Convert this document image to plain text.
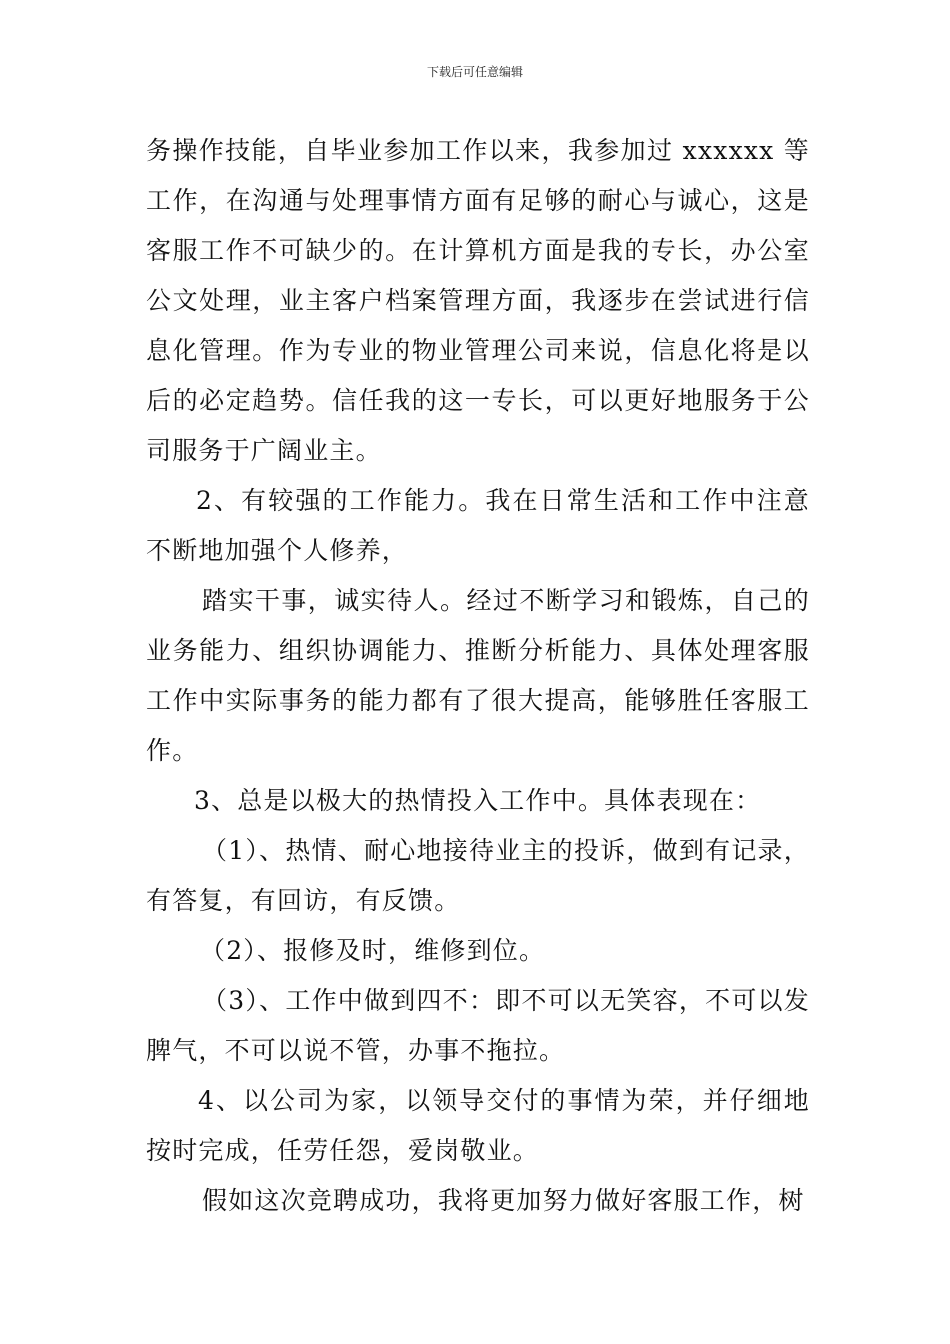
下载后可任意编辑

务操作技能，自毕业参加工作以来，我参加过 xxxxxx 等工作，在沟通与处理事情方面有足够的耐心与诚心，这是客服工作不可缺少的。在计算机方面是我的专长，办公室公文处理，业主客户档案管理方面，我逐步在尝试进行信息化管理。作为专业的物业管理公司来说，信息化将是以后的必定趋势。信任我的这一专长，可以更好地服务于公司服务于广阔业主。

2、有较强的工作能力。我在日常生活和工作中注意不断地加强个人修养，

踏实干事，诚实待人。经过不断学习和锻炼，自己的业务能力、组织协调能力、推断分析能力、具体处理客服工作中实际事务的能力都有了很大提高，能够胜任客服工作。

3、总是以极大的热情投入工作中。具体表现在：

（1）、热情、耐心地接待业主的投诉，做到有记录，有答复，有回访，有反馈。

（2）、报修及时，维修到位。

（3）、工作中做到四不：即不可以无笑容，不可以发脾气，不可以说不管，办事不拖拉。

4、以公司为家，以领导交付的事情为荣，并仔细地按时完成，任劳任怨，爱岗敬业。

假如这次竞聘成功，我将更加努力做好客服工作，树
